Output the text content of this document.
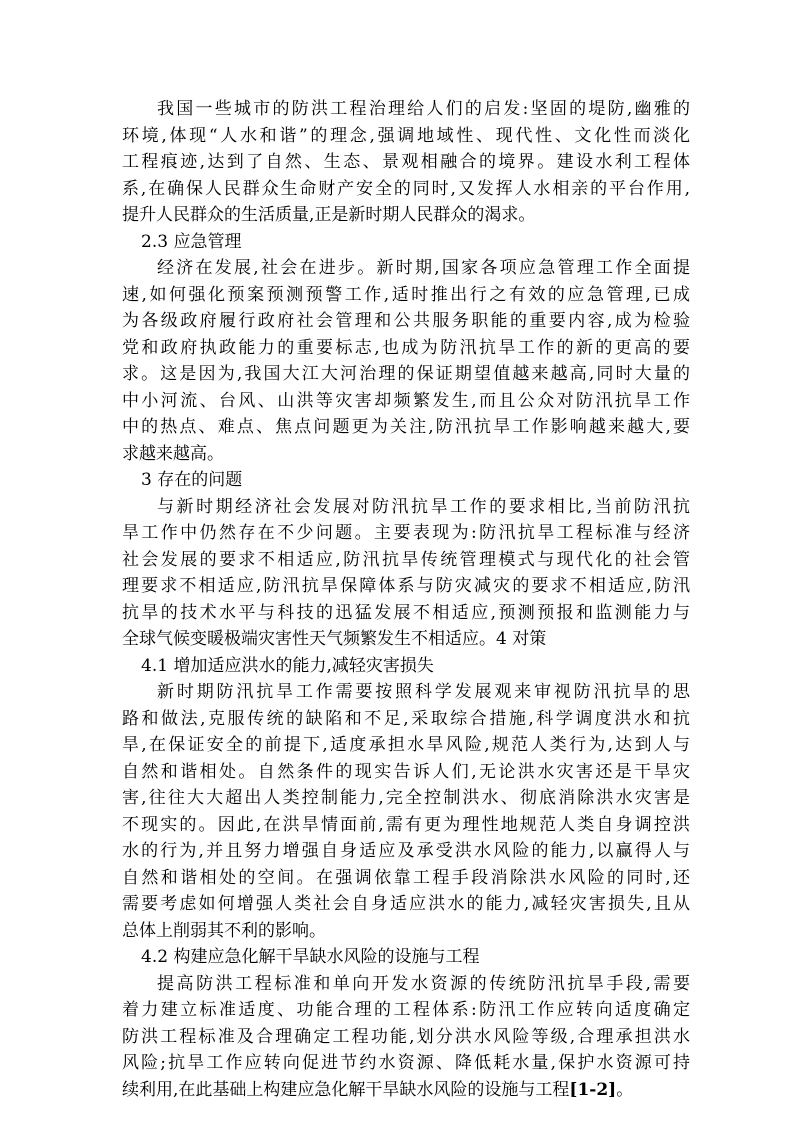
我国一些城市的防洪工程治理给人们的启发:坚固的堤防,幽雅的
环境,体现“人水和谐”的理念,强调地域性、现代性、文化性而淡化
工程痕迹,达到了自然、生态、景观相融合的境界。建设水利工程体
系,在确保人民群众生命财产安全的同时,又发挥人水相亲的平台作用,
提升人民群众的生活质量,正是新时期人民群众的渴求。
2.3 应急管理
经济在发展,社会在进步。新时期,国家各项应急管理工作全面提
速,如何强化预案预测预警工作,适时推出行之有效的应急管理,已成
为各级政府履行政府社会管理和公共服务职能的重要内容,成为检验
党和政府执政能力的重要标志,也成为防汛抗旱工作的新的更高的要
求。这是因为,我国大江大河治理的保证期望值越来越高,同时大量的
中小河流、台风、山洪等灾害却频繁发生,而且公众对防汛抗旱工作
中的热点、难点、焦点问题更为关注,防汛抗旱工作影响越来越大,要
求越来越高。
3 存在的问题
与新时期经济社会发展对防汛抗旱工作的要求相比,当前防汛抗
旱工作中仍然存在不少问题。主要表现为:防汛抗旱工程标准与经济
社会发展的要求不相适应,防汛抗旱传统管理模式与现代化的社会管
理要求不相适应,防汛抗旱保障体系与防灾减灾的要求不相适应,防汛
抗旱的技术水平与科技的迅猛发展不相适应,预测预报和监测能力与
全球气候变暖极端灾害性天气频繁发生不相适应。4 对策
4.1 增加适应洪水的能力,减轻灾害损失
新时期防汛抗旱工作需要按照科学发展观来审视防汛抗旱的思
路和做法,克服传统的缺陷和不足,采取综合措施,科学调度洪水和抗
旱,在保证安全的前提下,适度承担水旱风险,规范人类行为,达到人与
自然和谐相处。自然条件的现实告诉人们,无论洪水灾害还是干旱灾
害,往往大大超出人类控制能力,完全控制洪水、彻底消除洪水灾害是
不现实的。因此,在洪旱情面前,需有更为理性地规范人类自身调控洪
水的行为,并且努力增强自身适应及承受洪水风险的能力,以赢得人与
自然和谐相处的空间。在强调依靠工程手段消除洪水风险的同时,还
需要考虑如何增强人类社会自身适应洪水的能力,减轻灾害损失,且从
总体上削弱其不利的影响。
4.2 构建应急化解干旱缺水风险的设施与工程
提高防洪工程标准和单向开发水资源的传统防汛抗旱手段,需要
着力建立标准适度、功能合理的工程体系:防汛工作应转向适度确定
防洪工程标准及合理确定工程功能,划分洪水风险等级,合理承担洪水
风险;抗旱工作应转向促进节约水资源、降低耗水量,保护水资源可持
续利用,在此基础上构建应急化解干旱缺水风险的设施与工程[1-2]。
